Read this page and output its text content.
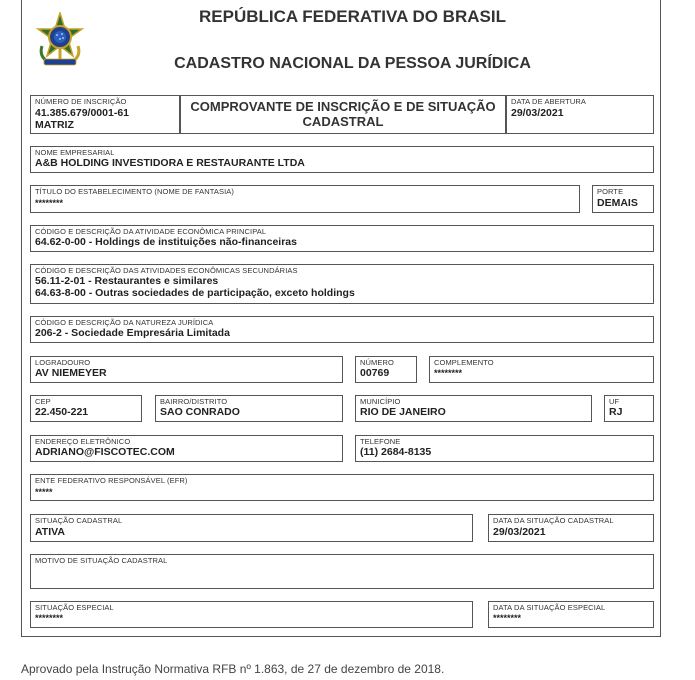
REPÚBLICA FEDERATIVA DO BRASIL
CADASTRO NACIONAL DA PESSOA JURÍDICA
NÚMERO DE INSCRIÇÃO
41.385.679/0001-61
MATRIZ
COMPROVANTE DE INSCRIÇÃO E DE SITUAÇÃO
CADASTRAL
DATA DE ABERTURA
29/03/2021
NOME EMPRESARIAL
A&B HOLDING INVESTIDORA E RESTAURANTE LTDA
TÍTULO DO ESTABELECIMENTO (NOME DE FANTASIA)
********
PORTE
DEMAIS
CÓDIGO E DESCRIÇÃO DA ATIVIDADE ECONÔMICA PRINCIPAL
64.62-0-00 - Holdings de instituições não-financeiras
CÓDIGO E DESCRIÇÃO DAS ATIVIDADES ECONÔMICAS SECUNDÁRIAS
56.11-2-01 - Restaurantes e similares
64.63-8-00 - Outras sociedades de participação, exceto holdings
CÓDIGO E DESCRIÇÃO DA NATUREZA JURÍDICA
206-2 - Sociedade Empresária Limitada
LOGRADOURO
AV NIEMEYER
NÚMERO
00769
COMPLEMENTO
********
CEP
22.450-221
BAIRRO/DISTRITO
SAO CONRADO
MUNICÍPIO
RIO DE JANEIRO
UF
RJ
ENDEREÇO ELETRÔNICO
ADRIANO@FISCOTEC.COM
TELEFONE
(11) 2684-8135
ENTE FEDERATIVO RESPONSÁVEL (EFR)
*****
SITUAÇÃO CADASTRAL
ATIVA
DATA DA SITUAÇÃO CADASTRAL
29/03/2021
MOTIVO DE SITUAÇÃO CADASTRAL
SITUAÇÃO ESPECIAL
********
DATA DA SITUAÇÃO ESPECIAL
********
Aprovado pela Instrução Normativa RFB nº 1.863, de 27 de dezembro de 2018.
